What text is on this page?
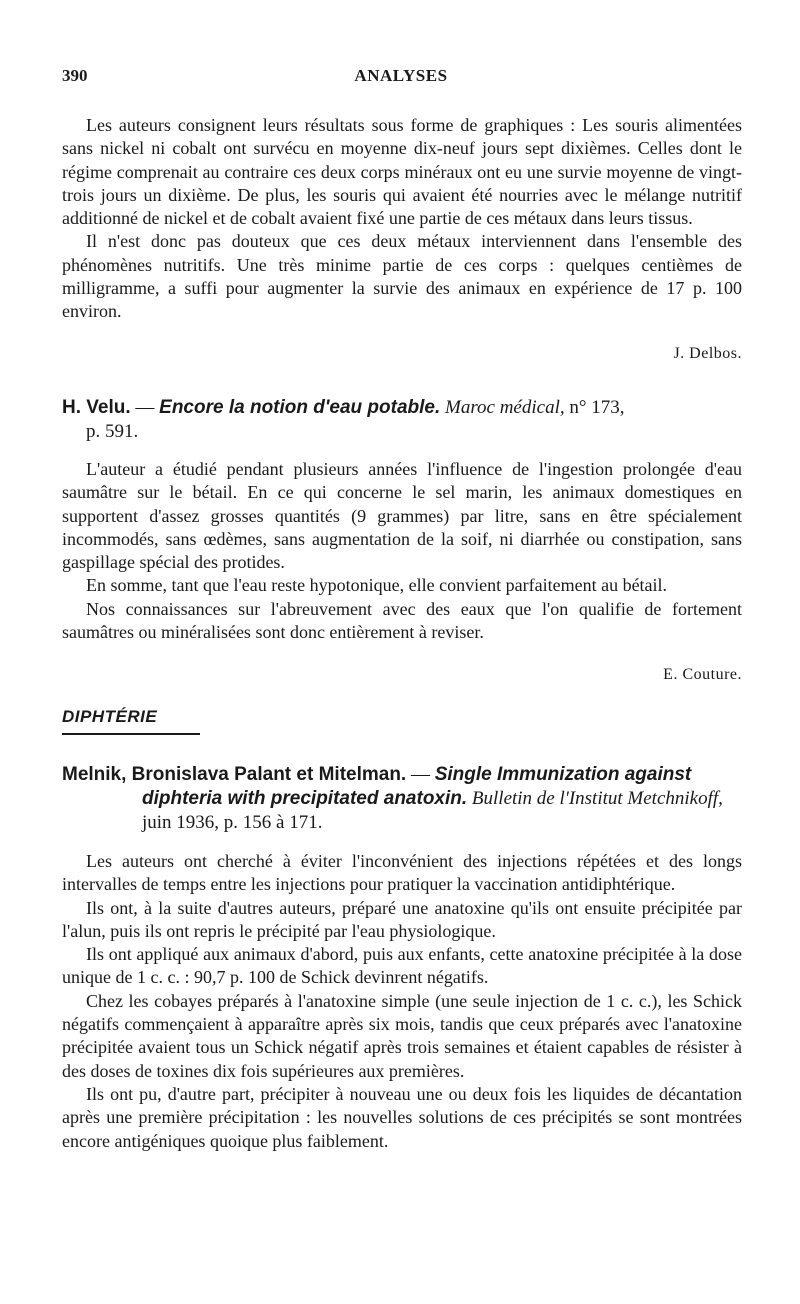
390	ANALYSES

Les auteurs consignent leurs résultats sous forme de graphiques : Les souris alimentées sans nickel ni cobalt ont survécu en moyenne dix-neuf jours sept dixièmes. Celles dont le régime comprenait au contraire ces deux corps minéraux ont eu une survie moyenne de vingt-trois jours un dixième. De plus, les souris qui avaient été nourries avec le mélange nutritif additionné de nickel et de cobalt avaient fixé une partie de ces métaux dans leurs tissus.

Il n'est donc pas douteux que ces deux métaux interviennent dans l'ensemble des phénomènes nutritifs. Une très minime partie de ces corps : quelques centièmes de milligramme, a suffi pour augmenter la survie des animaux en expérience de 17 p. 100 environ.

J. Delbos.
H. Velu. — Encore la notion d'eau potable. Maroc médical, n° 173,
p. 591.

L'auteur a étudié pendant plusieurs années l'influence de l'ingestion prolongée d'eau saumâtre sur le bétail. En ce qui concerne le sel marin, les animaux domestiques en supportent d'assez grosses quantités (9 grammes) par litre, sans en être spécialement incommodés, sans œdèmes, sans augmentation de la soif, ni diarrhée ou constipation, sans gaspillage spécial des protides.

En somme, tant que l'eau reste hypotonique, elle convient parfaitement au bétail.

Nos connaissances sur l'abreuvement avec des eaux que l'on qualifie de fortement saumâtres ou minéralisées sont donc entièrement à reviser.

E. Couture.
DIPHTÉRIE
Melnik, Bronislava Palant et Mitelman. — Single Immunization against diphteria with precipitated anatoxin. Bulletin de l'Institut Metchnikoff, juin 1936, p. 156 à 171.

Les auteurs ont cherché à éviter l'inconvénient des injections répétées et des longs intervalles de temps entre les injections pour pratiquer la vaccination antidiphtérique.

Ils ont, à la suite d'autres auteurs, préparé une anatoxine qu'ils ont ensuite précipitée par l'alun, puis ils ont repris le précipité par l'eau physiologique.

Ils ont appliqué aux animaux d'abord, puis aux enfants, cette anatoxine précipitée à la dose unique de 1 c. c. : 90,7 p. 100 de Schick devinrent négatifs.

Chez les cobayes préparés à l'anatoxine simple (une seule injection de 1 c. c.), les Schick négatifs commençaient à apparaître après six mois, tandis que ceux préparés avec l'anatoxine précipitée avaient tous un Schick négatif après trois semaines et étaient capables de résister à des doses de toxines dix fois supérieures aux premières.

Ils ont pu, d'autre part, précipiter à nouveau une ou deux fois les liquides de décantation après une première précipitation : les nouvelles solutions de ces précipités se sont montrées encore antigéniques quoique plus faiblement.
